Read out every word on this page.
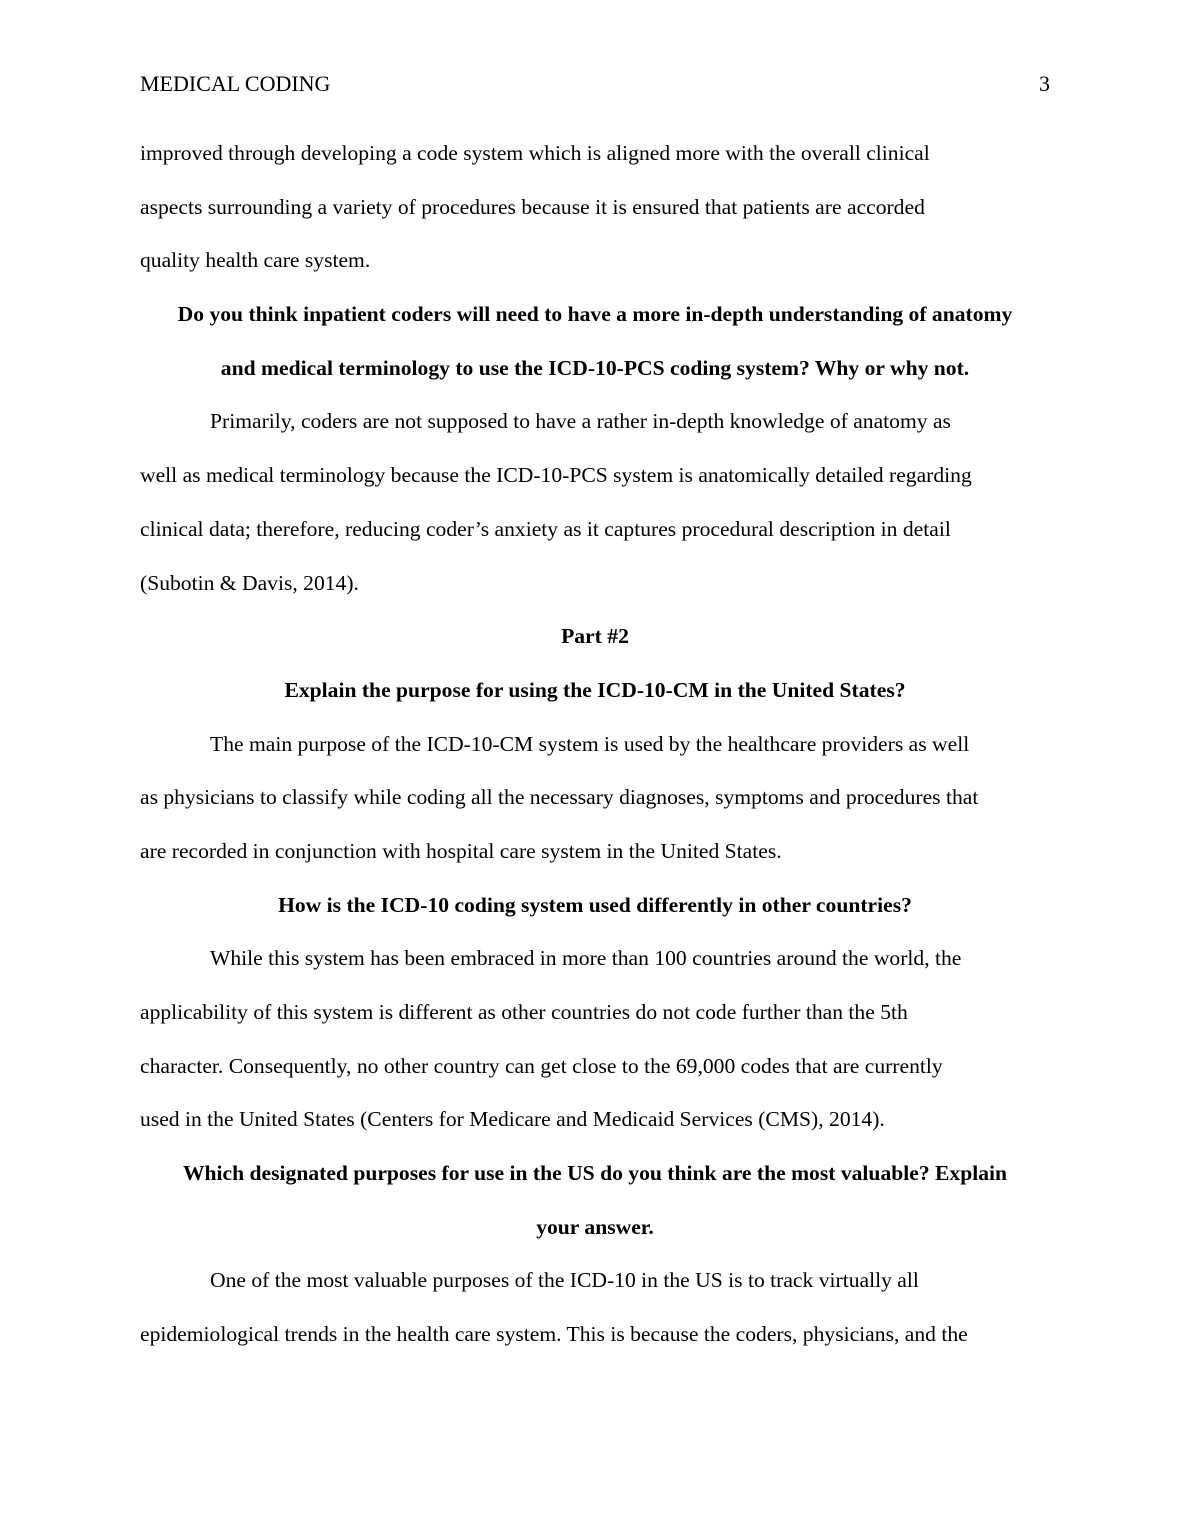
MEDICAL CODING	3
improved through developing a code system which is aligned more with the overall clinical
aspects surrounding a variety of procedures because it is ensured that patients are accorded
quality health care system.
Do you think inpatient coders will need to have a more in-depth understanding of anatomy
and medical terminology to use the ICD-10-PCS coding system? Why or why not.
Primarily, coders are not supposed to have a rather in-depth knowledge of anatomy as
well as medical terminology because the ICD-10-PCS system is anatomically detailed regarding
clinical data; therefore, reducing coder’s anxiety as it captures procedural description in detail
(Subotin & Davis, 2014).
Part #2
Explain the purpose for using the ICD-10-CM in the United States?
The main purpose of the ICD-10-CM system is used by the healthcare providers as well
as physicians to classify while coding all the necessary diagnoses, symptoms and procedures that
are recorded in conjunction with hospital care system in the United States.
How is the ICD-10 coding system used differently in other countries?
While this system has been embraced in more than 100 countries around the world, the
applicability of this system is different as other countries do not code further than the 5th
character. Consequently, no other country can get close to the 69,000 codes that are currently
used in the United States (Centers for Medicare and Medicaid Services (CMS), 2014).
Which designated purposes for use in the US do you think are the most valuable? Explain
your answer.
One of the most valuable purposes of the ICD-10 in the US is to track virtually all
epidemiological trends in the health care system. This is because the coders, physicians, and the
